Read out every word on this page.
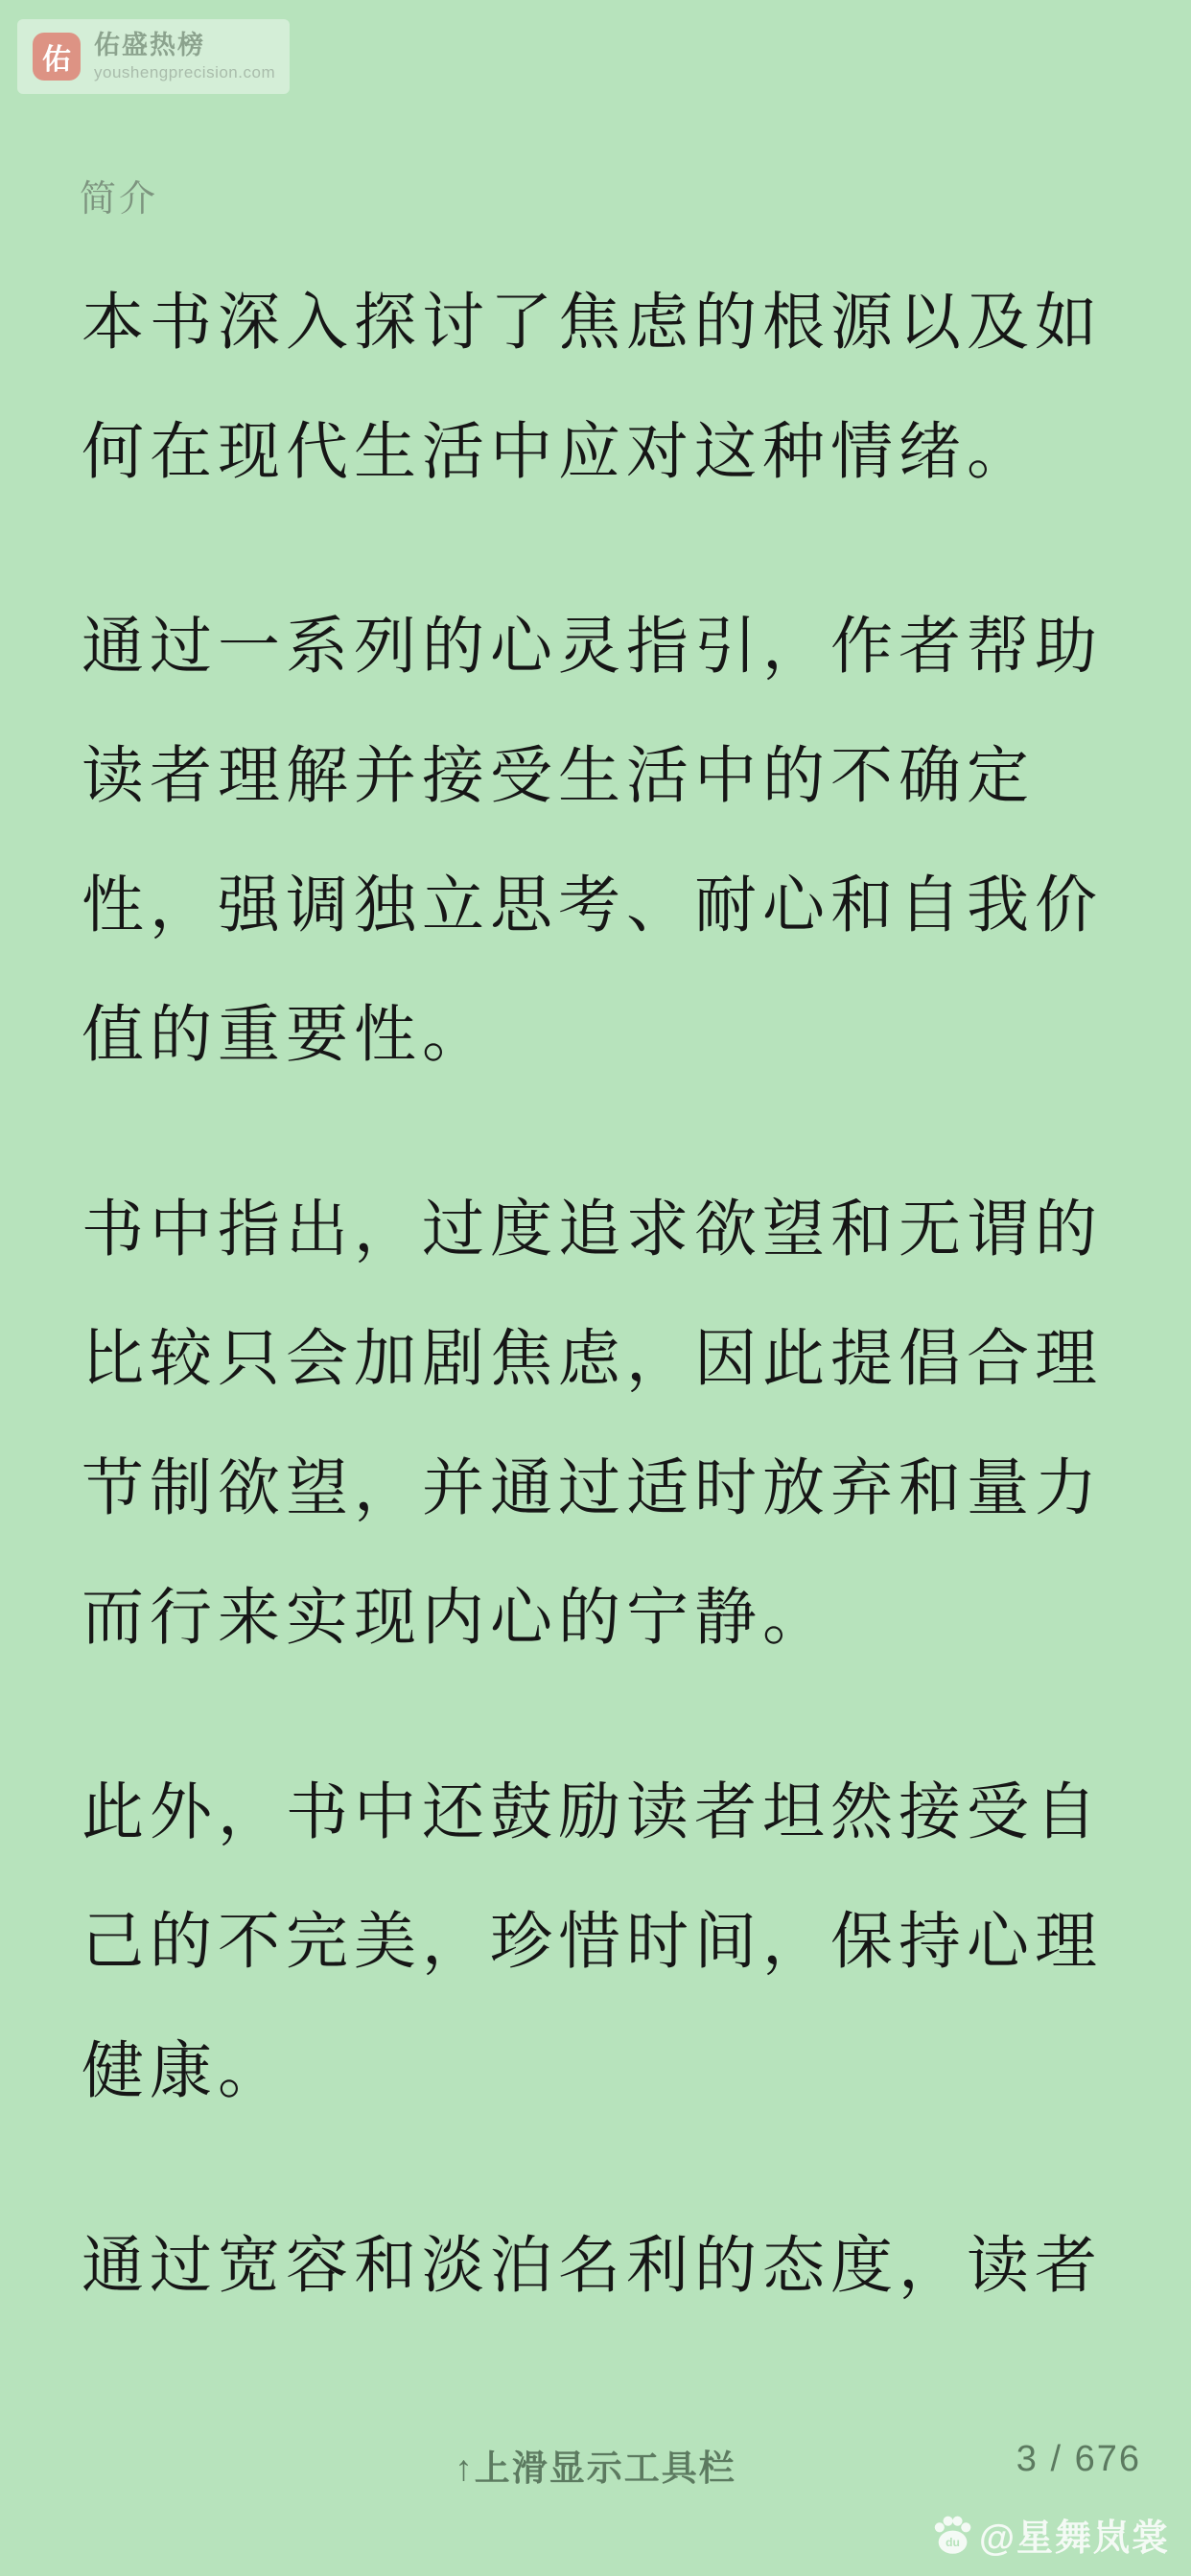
佑 佑盛热榜
youshengprecision.com
简介
本书深入探讨了焦虑的根源以及如
何在现代生活中应对这种情绪。
通过一系列的心灵指引，作者帮助
读者理解并接受生活中的不确定
性，强调独立思考、耐心和自我价
值的重要性。
书中指出，过度追求欲望和无谓的
比较只会加剧焦虑，因此提倡合理
节制欲望，并通过适时放弃和量力
而行来实现内心的宁静。
此外，书中还鼓励读者坦然接受自
己的不完美，珍惜时间，保持心理
健康。
通过宽容和淡泊名利的态度，读者
↑上滑显示工具栏	3 / 676
du @星舞岚裳
